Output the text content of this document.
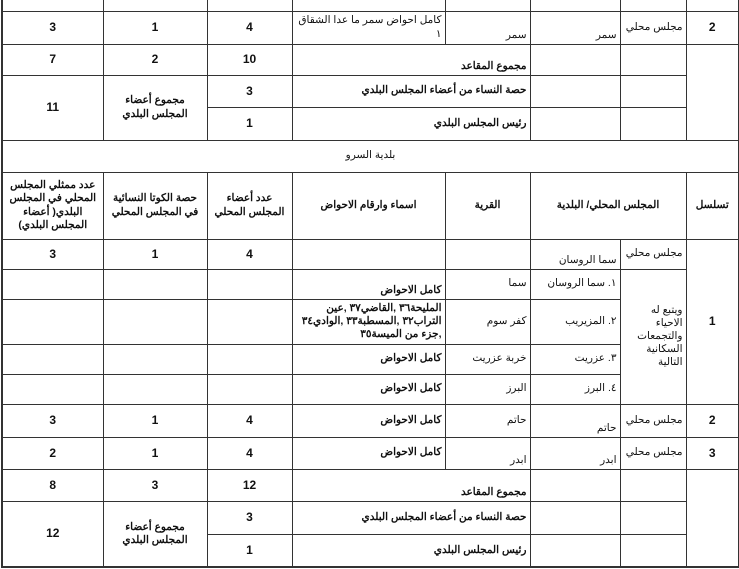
3	1	4	كامل احواض سمر ما عدا الشقاق ١	سمر	سمر	مجلس محلي	2
7	2	10	مجموع المقاعد				
11	مجموع أعضاء المجلس البلدي	3	حصة النساء من أعضاء المجلس البلدي				
		1	رئيس المجلس البلدي				
بلدية السرو							
عدد ممثلي المجلس المحلي في المجلس البلدي( أعضاء المجلس البلدي)	حصة الكوتا النسائية في المجلس المحلي	عدد أعضاء المجلس المحلي	اسماء وارقام الاحواض	القرية	المجلس المحلي/ البلدية		تسلسل
3	1	4			سما الروسان	مجلس محلي	1
			كامل الاحواض	سما	١. سما الروسان	ويتبع له الاحياء والتجمعات السكانية التالية	
			المليحة٣٦ ,القاضي٣٧ ,عين التراب٣٢ ,المسطبة٣٣ ,الوادي٣٤ ,جزء من الميسة٣٥	كفر سوم	٢. المزيريب		
			كامل الاحواض	خربة عزريت	٣. عزريت		
			كامل الاحواض	البرز	٤. البرز		
3	1	4	كامل الاحواض	حاتم	حاتم	مجلس محلي	2
2	1	4	كامل الاحواض	ابدر	ابدر	مجلس محلي	3
8	3	12	مجموع المقاعد				
12	مجموع أعضاء المجلس البلدي	3	حصة النساء من أعضاء المجلس البلدي				
		1	رئيس المجلس البلدي				
